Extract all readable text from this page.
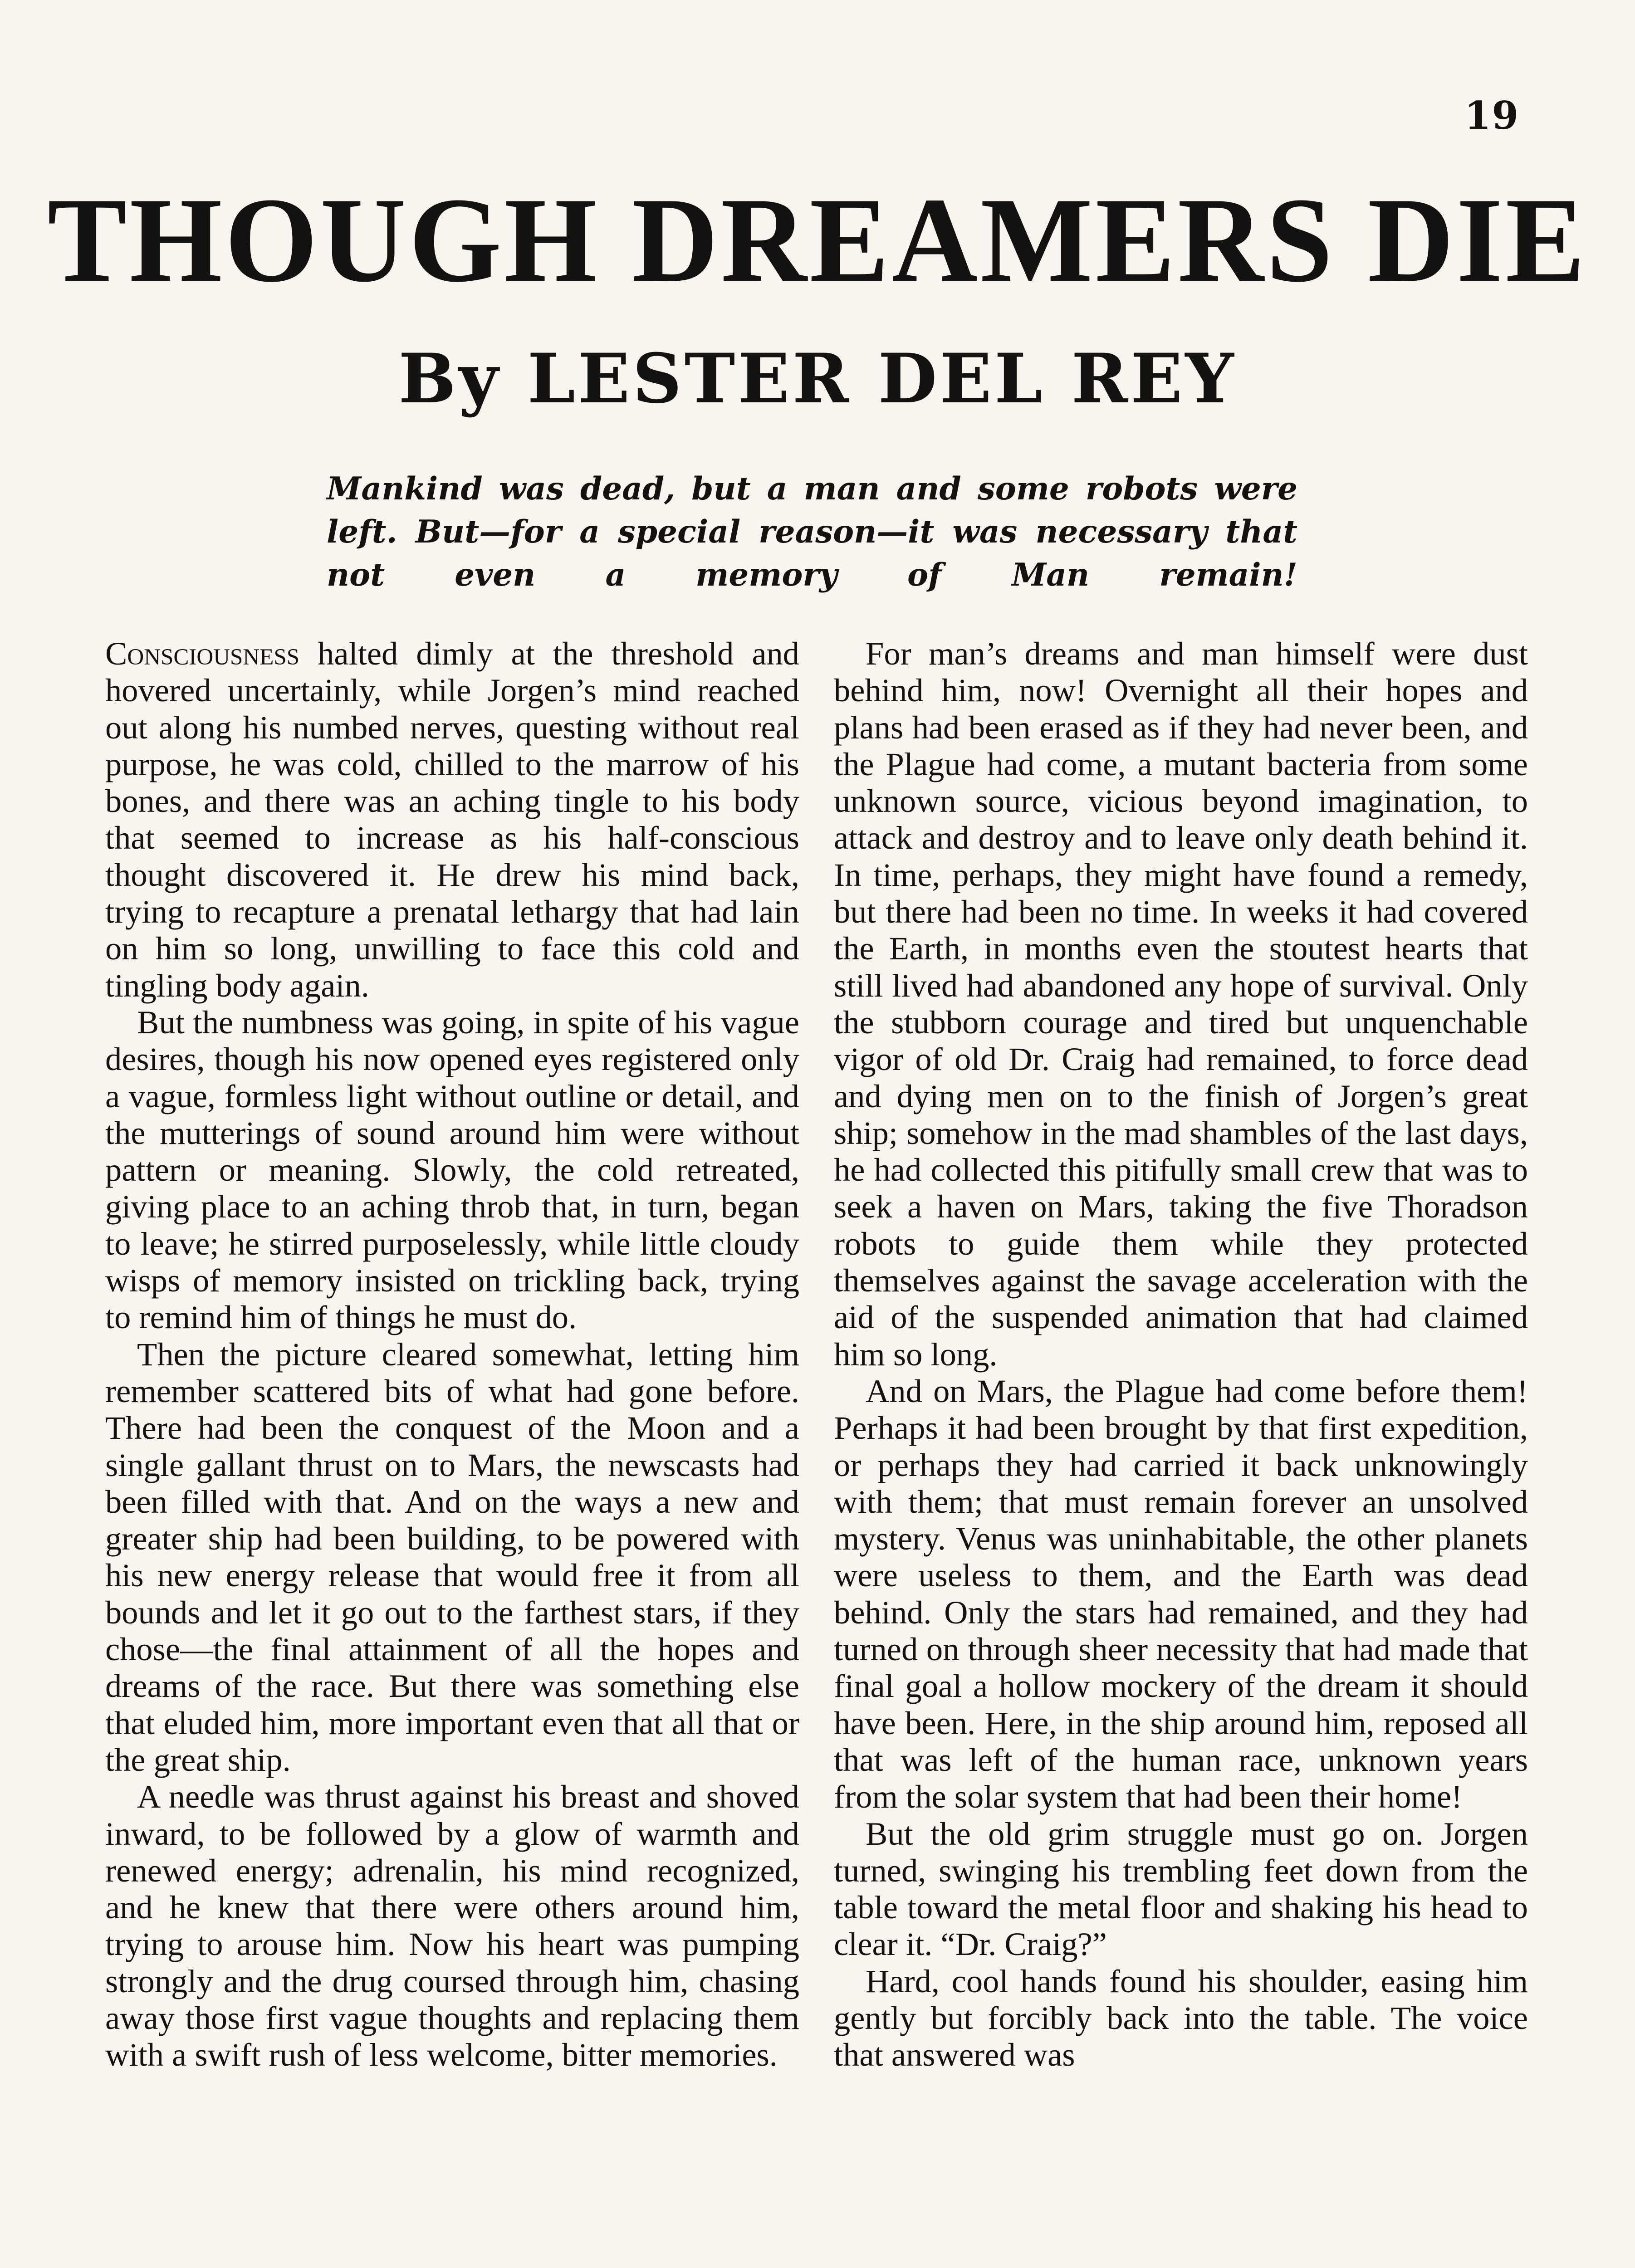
19
THOUGH DREAMERS DIE
By LESTER DEL REY
Mankind was dead, but a man and some robots were left. But—for a special reason—it was necessary that not even a memory of Man remain!

Consciousness halted dimly at the threshold and hovered uncertainly, while Jorgen’s mind reached out along his numbed nerves, questing without real purpose, he was cold, chilled to the marrow of his bones, and there was an aching tingle to his body that seemed to increase as his half-conscious thought discovered it. He drew his mind back, trying to recapture a prenatal lethargy that had lain on him so long, unwilling to face this cold and tingling body again.

But the numbness was going, in spite of his vague desires, though his now opened eyes registered only a vague, formless light without outline or detail, and the mutterings of sound around him were without pattern or meaning. Slowly, the cold retreated, giving place to an aching throb that, in turn, began to leave; he stirred purposelessly, while little cloudy wisps of memory insisted on trickling back, trying to remind him of things he must do.

Then the picture cleared somewhat, letting him remember scattered bits of what had gone before. There had been the conquest of the Moon and a single gallant thrust on to Mars, the newscasts had been filled with that. And on the ways a new and greater ship had been building, to be powered with his new energy release that would free it from all bounds and let it go out to the farthest stars, if they chose—the final attainment of all the hopes and dreams of the race. But there was something else that eluded him, more important even that all that or the great ship.

A needle was thrust against his breast and shoved inward, to be followed by a glow of warmth and renewed energy; adrenalin, his mind recognized, and he knew that there were others around him, trying to arouse him. Now his heart was pumping strongly and the drug coursed through him, chasing away those first vague thoughts and replacing them with a swift rush of less welcome, bitter memories.

For man’s dreams and man himself were dust behind him, now! Overnight all their hopes and plans had been erased as if they had never been, and the Plague had come, a mutant bacteria from some unknown source, vicious beyond imagination, to attack and destroy and to leave only death behind it. In time, perhaps, they might have found a remedy, but there had been no time. In weeks it had covered the Earth, in months even the stoutest hearts that still lived had abandoned any hope of survival. Only the stubborn courage and tired but unquenchable vigor of old Dr. Craig had remained, to force dead and dying men on to the finish of Jorgen’s great ship; somehow in the mad shambles of the last days, he had collected this pitifully small crew that was to seek a haven on Mars, taking the five Thoradson robots to guide them while they protected themselves against the savage acceleration with the aid of the suspended animation that had claimed him so long.

And on Mars, the Plague had come before them! Perhaps it had been brought by that first expedition, or perhaps they had carried it back unknowingly with them; that must remain forever an unsolved mystery. Venus was uninhabitable, the other planets were useless to them, and the Earth was dead behind. Only the stars had remained, and they had turned on through sheer necessity that had made that final goal a hollow mockery of the dream it should have been. Here, in the ship around him, reposed all that was left of the human race, unknown years from the solar system that had been their home!

But the old grim struggle must go on. Jorgen turned, swinging his trembling feet down from the table toward the metal floor and shaking his head to clear it. “Dr. Craig?”

Hard, cool hands found his shoulder, easing him gently but forcibly back into the table. The voice that answered was
